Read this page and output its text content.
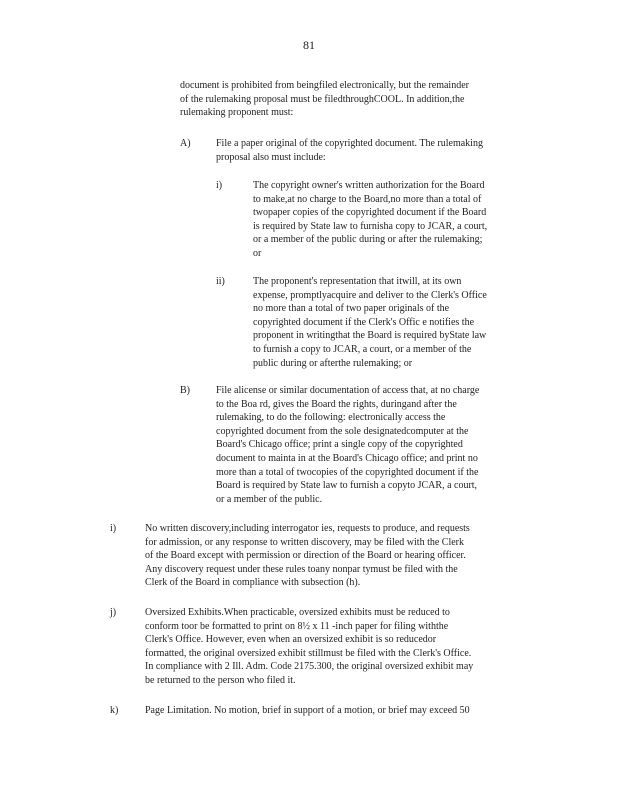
81
document is prohibited from beingfiled electronically, but the remainder
of the rulemaking proposal must be filedthroughCOOL. In addition,the
rulemaking proponent must:
A)	File a paper original of the copyrighted document. The rulemaking
proposal also must include:
i)	The copyright owner's written authorization for the Board
to make,at no charge to the Board,no more than a total of
twopaper copies of the copyrighted document if the Board
is required by State law to furnisha copy to JCAR, a court,
or a member of the public during or after the rulemaking;
or
ii)	The proponent's representation that itwill, at its own
expense, promptlyacquire and deliver to the Clerk's Office
no more than a total of two paper originals of the
copyrighted document if the Clerk's Offic e notifies the
proponent in writingthat the Board is required byState law
to furnish a copy to JCAR, a court, or a member of the
public during or afterthe rulemaking; or
B)	File alicense or similar documentation of access that, at no charge
to the Boa rd, gives the Board the rights, duringand after the
rulemaking, to do the following: electronically access the
copyrighted document from the sole designatedcomputer at the
Board's Chicago office; print a single copy of the copyrighted
document to mainta in at the Board's Chicago office; and print no
more than a total of twocopies of the copyrighted document if the
Board is required by State law to furnish a copyto JCAR, a court,
or a member of the public.
i)	No written discovery,including interrogator ies, requests to produce, and requests
for admission, or any response to written discovery, may be filed with the Clerk
of the Board except with permission or direction of the Board or hearing officer.
Any discovery request under these rules toany nonpar tymust be filed with the
Clerk of the Board in compliance with subsection (h).
j)	Oversized Exhibits.When practicable, oversized exhibits must be reduced to
conform toor be formatted to print on 8½ x 11 -inch paper for filing withthe
Clerk's Office. However, even when an oversized exhibit is so reducedor
formatted, the original oversized exhibit stillmust be filed with the Clerk's Office.
In compliance with 2 Ill. Adm. Code 2175.300, the original oversized exhibit may
be returned to the person who filed it.
k)	Page Limitation. No motion, brief in support of a motion, or brief may exceed 50
